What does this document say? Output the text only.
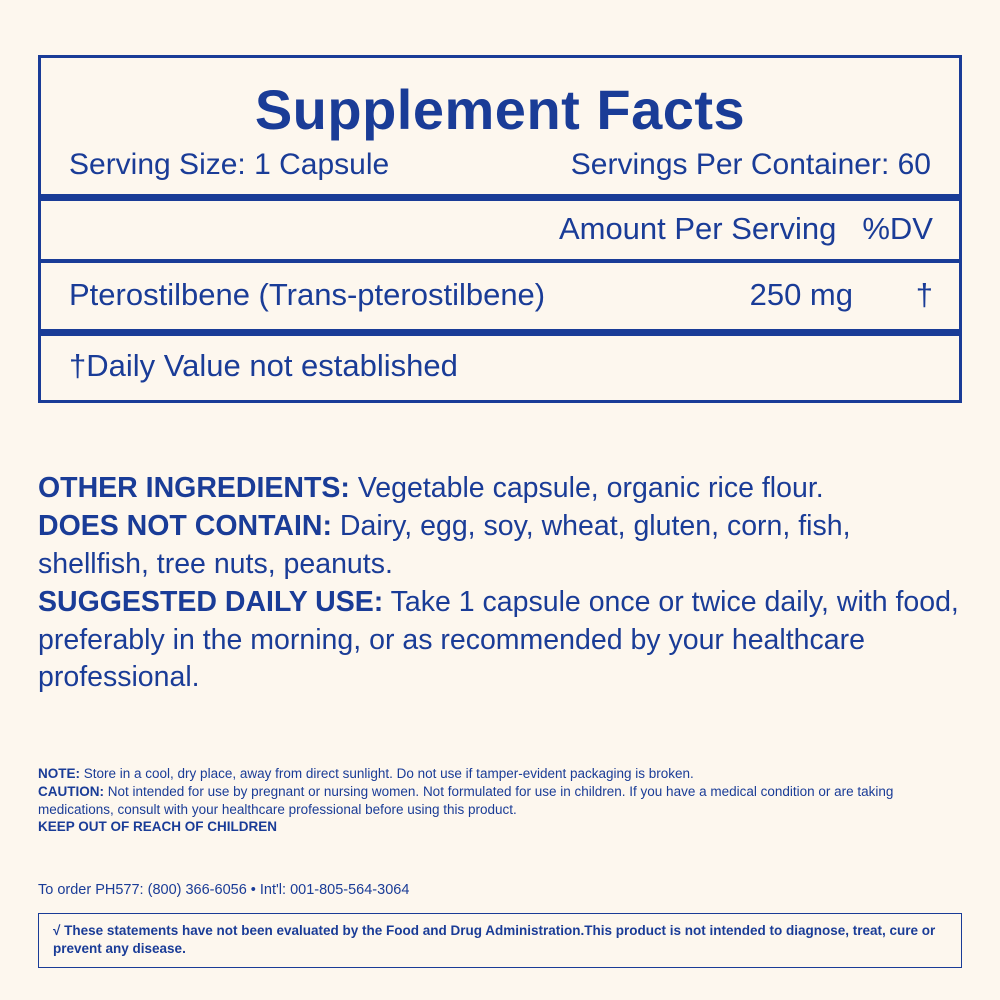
Supplement Facts
Serving Size: 1 Capsule	Servings Per Container: 60
Amount Per Serving %DV
Pterostilbene (Trans-pterostilbene)	250 mg †
†Daily Value not established

OTHER INGREDIENTS: Vegetable capsule, organic rice flour.

DOES NOT CONTAIN: Dairy, egg, soy, wheat, gluten, corn, fish, shellfish, tree nuts, peanuts.

SUGGESTED DAILY USE: Take 1 capsule once or twice daily, with food, preferably in the morning, or as recommended by your healthcare professional.

NOTE: Store in a cool, dry place, away from direct sunlight. Do not use if tamper-evident packaging is broken.

CAUTION: Not intended for use by pregnant or nursing women. Not formulated for use in children. If you have a medical condition or are taking medications, consult with your healthcare professional before using this product.

KEEP OUT OF REACH OF CHILDREN

To order PH577: (800) 366-6056 • Int'l: 001-805-564-3064
√ These statements have not been evaluated by the Food and Drug Administration.This product is not intended to diagnose, treat, cure or prevent any disease.
